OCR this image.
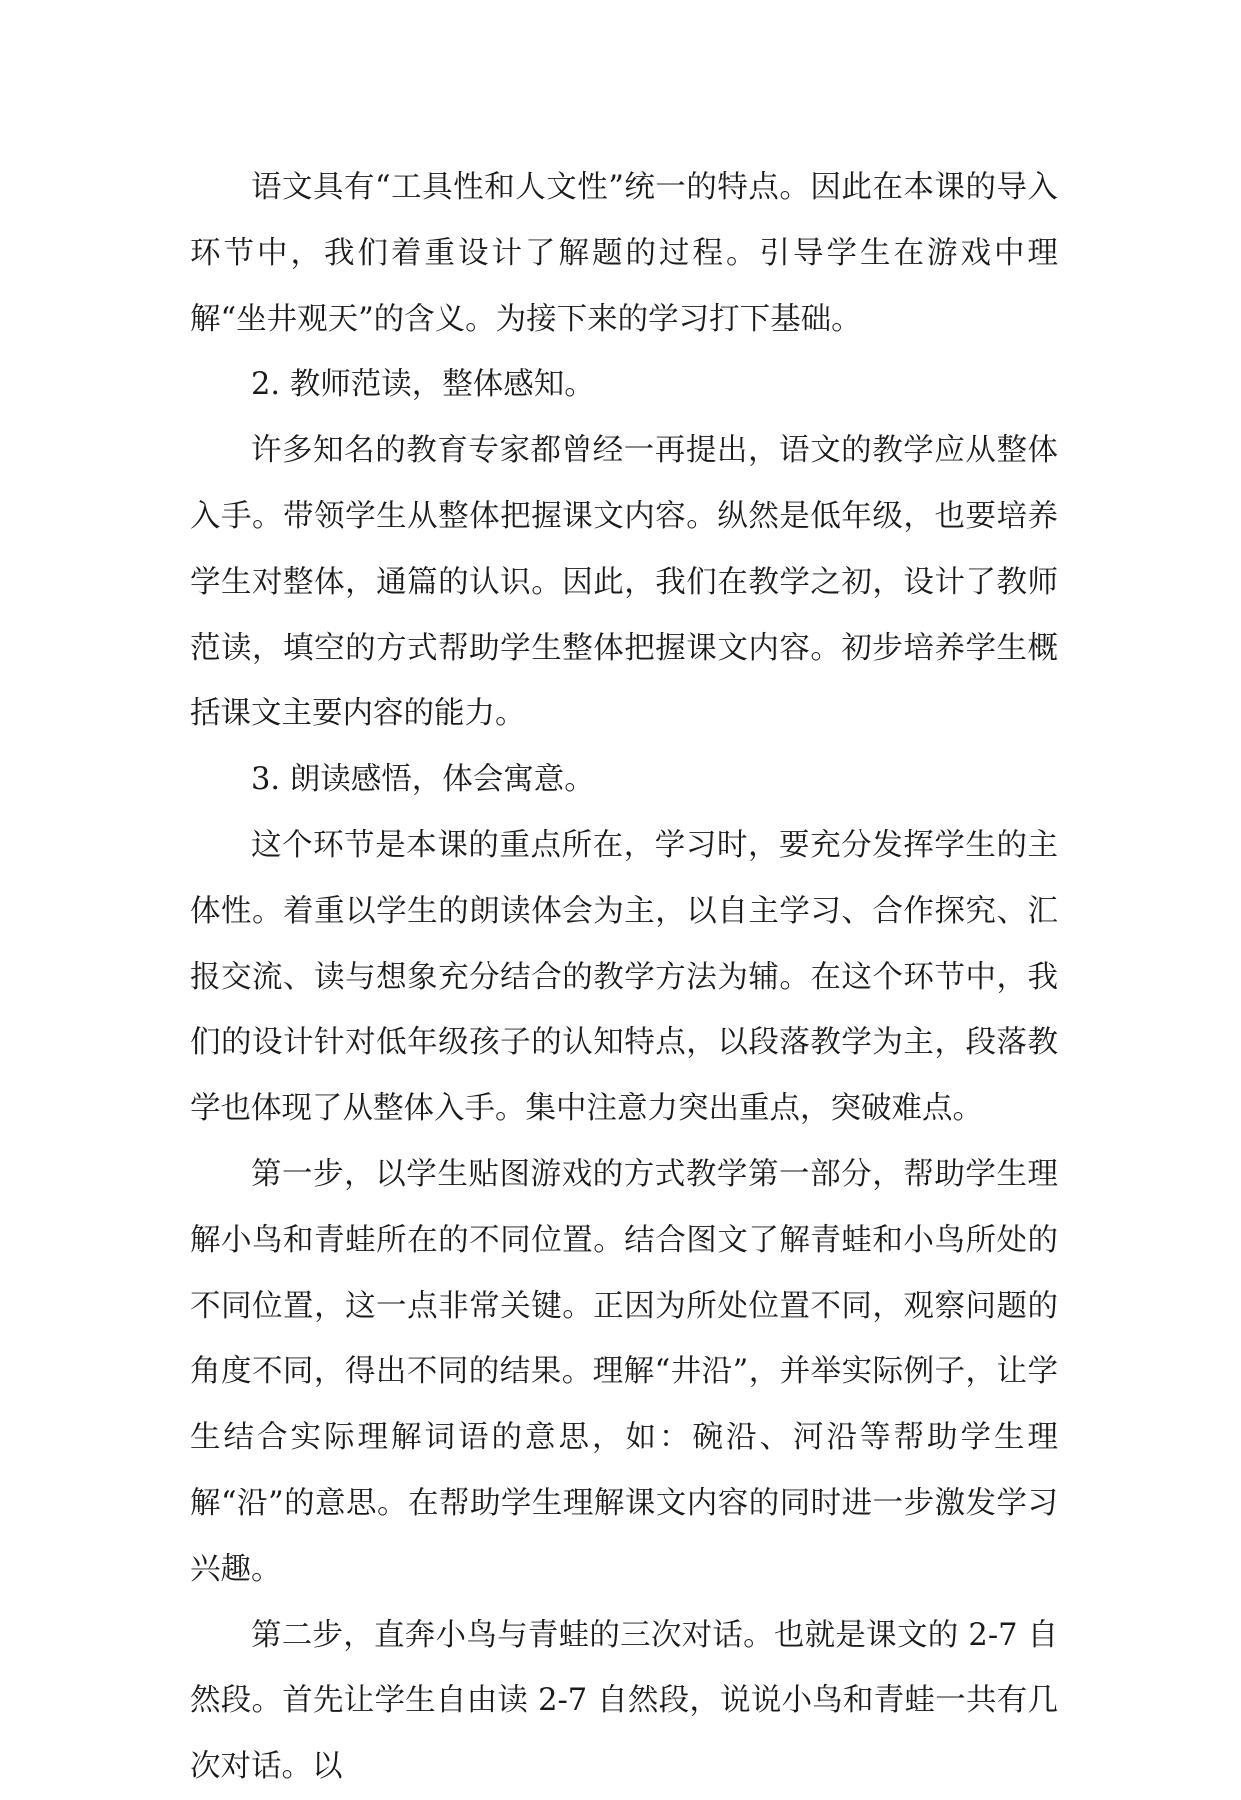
语文具有“工具性和人文性”统一的特点。因此在本课的导入环节中，我们着重设计了解题的过程。引导学生在游戏中理解“坐井观天”的含义。为接下来的学习打下基础。

2. 教师范读，整体感知。

许多知名的教育专家都曾经一再提出，语文的教学应从整体入手。带领学生从整体把握课文内容。纵然是低年级，也要培养学生对整体，通篇的认识。因此，我们在教学之初，设计了教师范读，填空的方式帮助学生整体把握课文内容。初步培养学生概括课文主要内容的能力。

3. 朗读感悟，体会寓意。

这个环节是本课的重点所在，学习时，要充分发挥学生的主体性。着重以学生的朗读体会为主，以自主学习、合作探究、汇报交流、读与想象充分结合的教学方法为辅。在这个环节中，我们的设计针对低年级孩子的认知特点，以段落教学为主，段落教学也体现了从整体入手。集中注意力突出重点，突破难点。

第一步，以学生贴图游戏的方式教学第一部分，帮助学生理解小鸟和青蛙所在的不同位置。结合图文了解青蛙和小鸟所处的不同位置，这一点非常关键。正因为所处位置不同，观察问题的角度不同，得出不同的结果。理解“井沿”，并举实际例子，让学生结合实际理解词语的意思，如：碗沿、河沿等帮助学生理解“沿”的意思。在帮助学生理解课文内容的同时进一步激发学习兴趣。

第二步，直奔小鸟与青蛙的三次对话。也就是课文的 2-7 自然段。首先让学生自由读 2-7 自然段，说说小鸟和青蛙一共有几次对话。以
